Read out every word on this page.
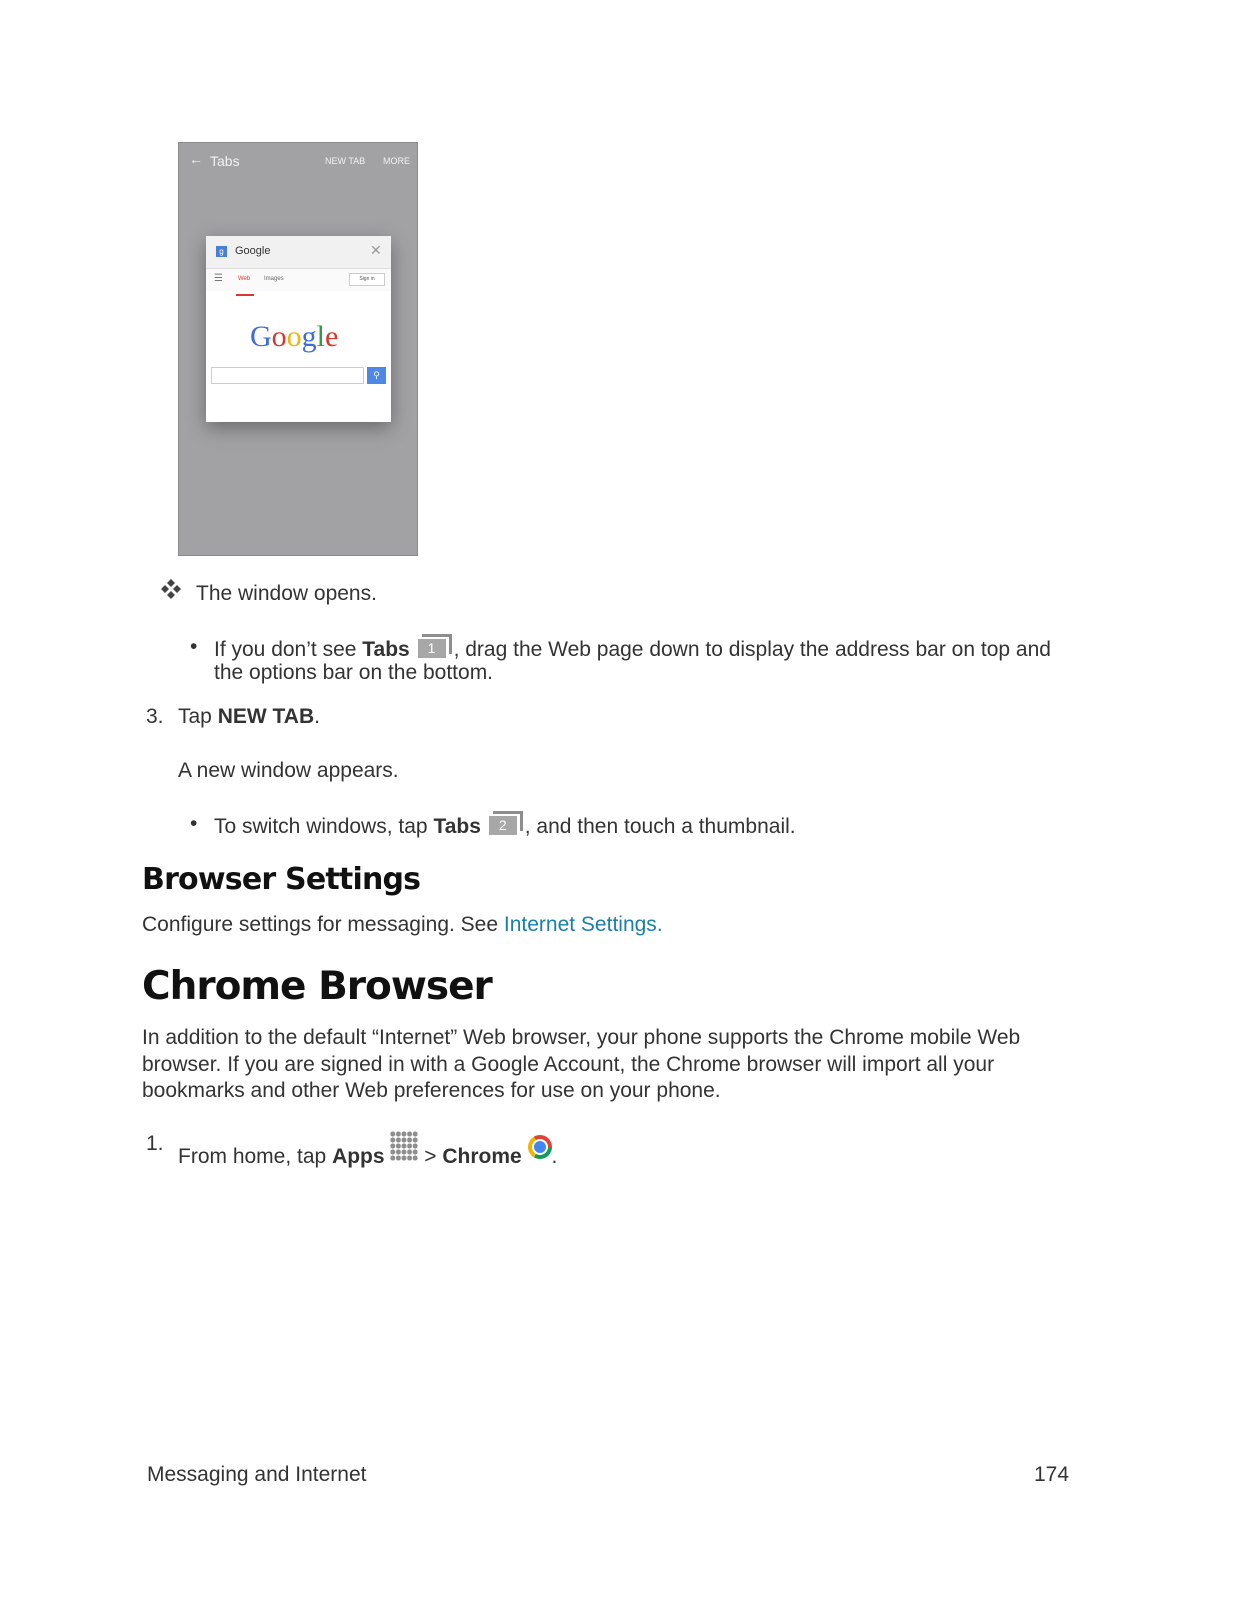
← Tabs	NEW TAB MORE
g Google	✕
☰	Web Images	Sign in
Google
⚲
The window opens.
• If you don’t see Tabs	1 , drag the Web page down to display the address bar on top and
the options bar on the bottom.
3. Tap NEW TAB.
A new window appears.
• To switch windows, tap Tabs	2 , and then touch a thumbnail.
Browser Settings
Configure settings for messaging. See Internet Settings.
Chrome Browser
In addition to the default “Internet” Web browser, your phone supports the Chrome mobile Web
browser. If you are signed in with a Google Account, the Chrome browser will import all your
bookmarks and other Web preferences for use on your phone.
1.
From home, tap Apps  > Chrome .
Messaging and Internet	174
